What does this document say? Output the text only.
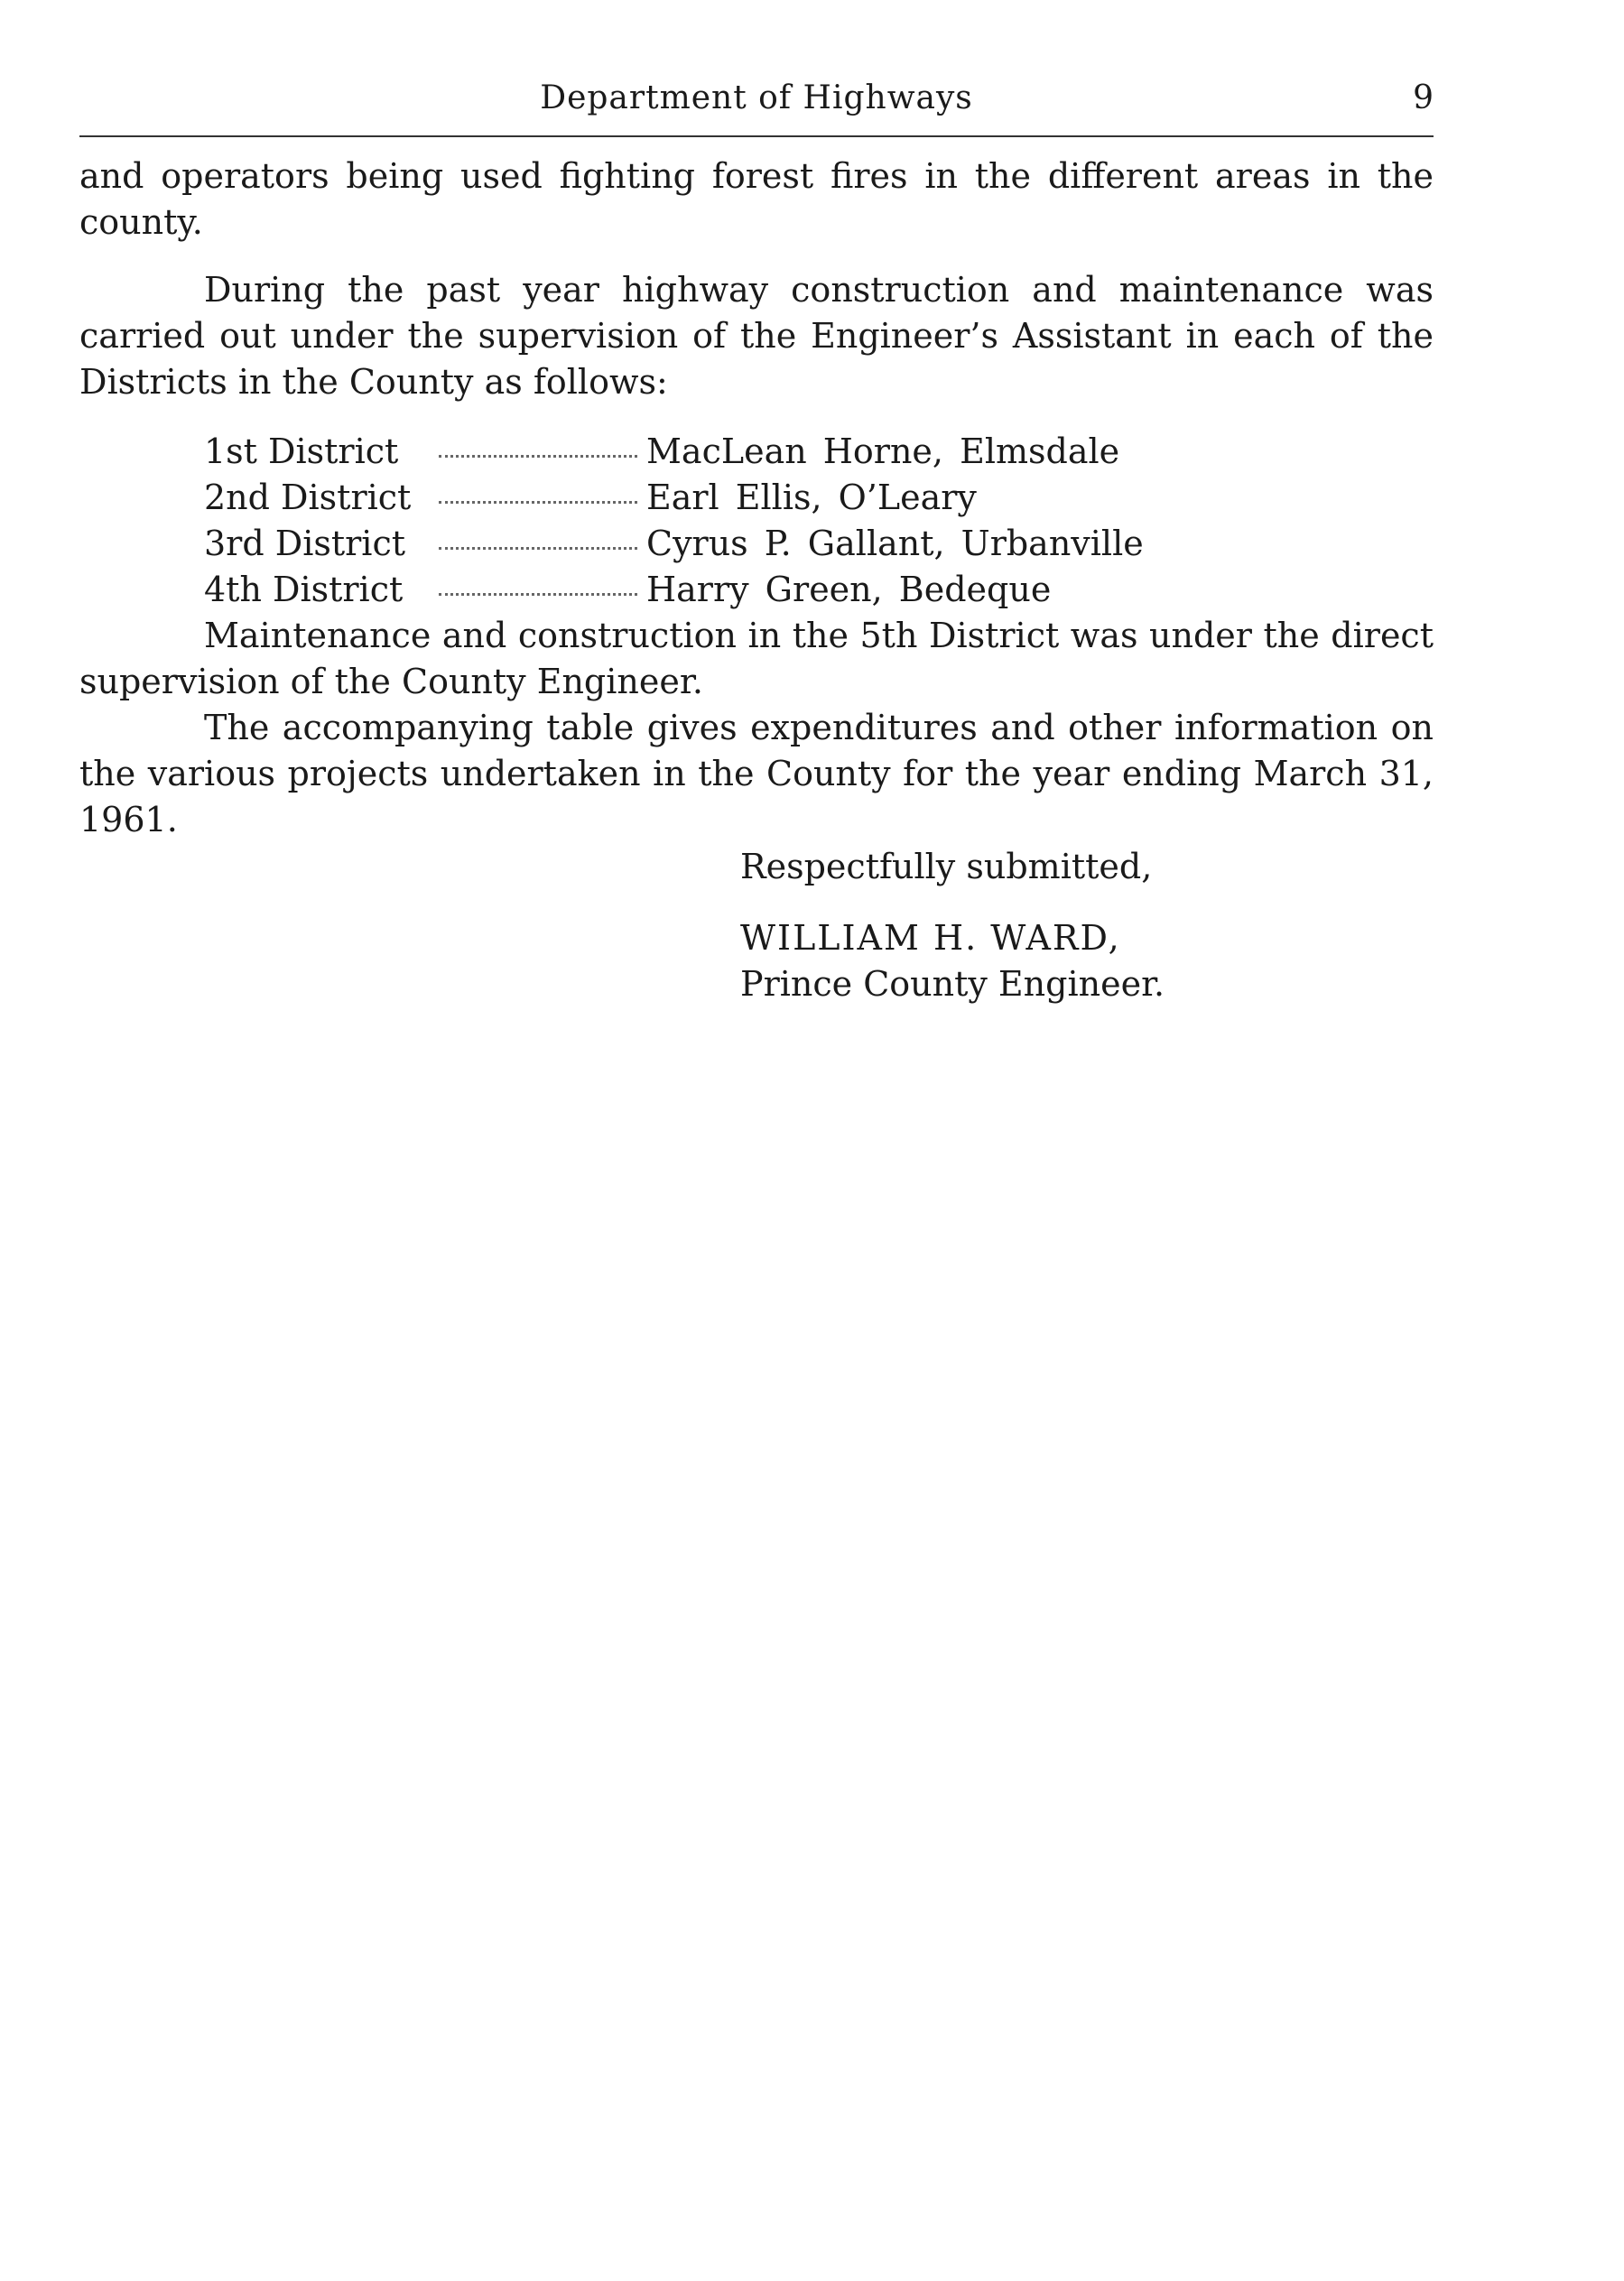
Department of Highways	9

and operators being used fighting forest fires in the different areas in the county.

During the past year highway construction and maintenance was carried out under the supervision of the Engineer’s Assistant in each of the Districts in the County as follows:

1st District	MacLean Horne, Elmsdale
2nd District	Earl Ellis, O’Leary
3rd District	Cyrus P. Gallant, Urbanville
4th District	Harry Green, Bedeque

Maintenance and construction in the 5th District was under the direct supervision of the County Engineer.

The accompanying table gives expenditures and other information on the various projects undertaken in the County for the year ending March 31, 1961.

Respectfully submitted,
WILLIAM H. WARD,
Prince County Engineer.
